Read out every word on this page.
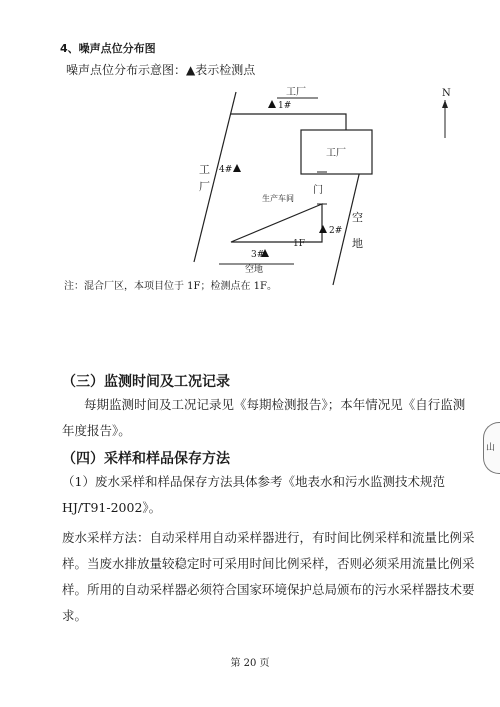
4、噪声点位分布图
噪声点位分布示意图：▲表示检测点
N
工厂
工
厂
空
地
生产车间
工厂
门
空地
1F
1#
2#
3#
4#
注：混合厂区，本项目位于 1F；检测点在 1F。
（三）监测时间及工况记录
每期监测时间及工况记录见《每期检测报告》；本年情况见《自行监测
年度报告》。
（四）采样和样品保存方法
（1）废水采样和样品保存方法具体参考《地表水和污水监测技术规范
HJ/T91-2002》。
废水采样方法：自动采样用自动采样器进行，有时间比例采样和流量比例采
样。当废水排放量较稳定时可采用时间比例采样，否则必须采用流量比例采
样。所用的自动采样器必须符合国家环境保护总局颁布的污水采样器技术要
求。
山
第 20 页
